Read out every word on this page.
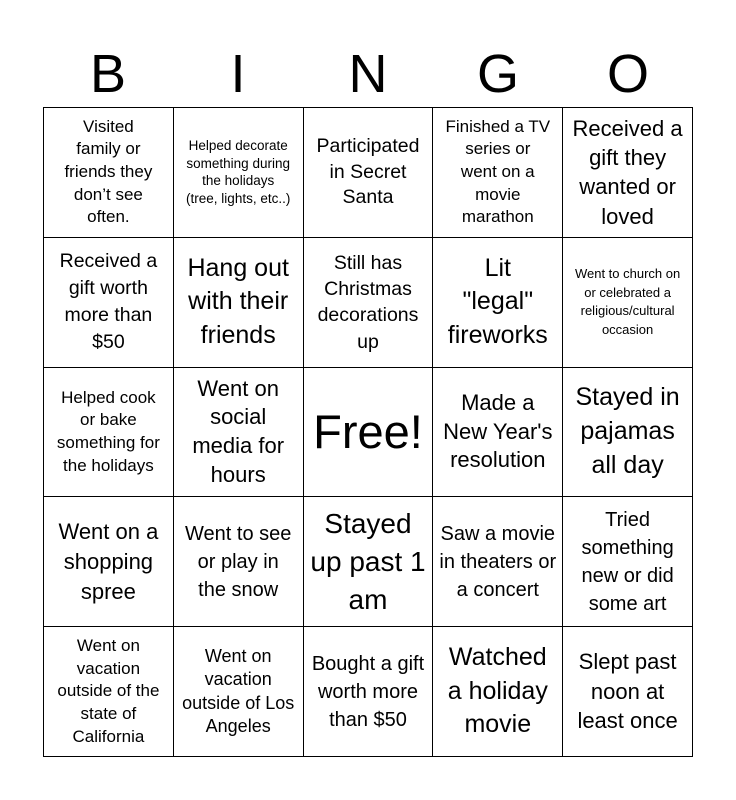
B	I	N	G	O
Visited family or friends they don’t see often.
Helped decorate something during the holidays (tree, lights, etc..)
Participated in Secret Santa
Finished a TV series or went on a movie marathon
Received a gift they wanted or loved
Received a gift worth more than $50
Hang out with their friends
Still has Christmas decorations up
Lit "legal" fireworks
Went to church on or celebrated a religious/cultural occasion
Helped cook or bake something for the holidays
Went on social media for hours
Free!
Made a New Year's resolution
Stayed in pajamas all day
Went on a shopping spree
Went to see or play in the snow
Stayed up past 1 am
Saw a movie in theaters or a concert
Tried something new or did some art
Went on vacation outside of the state of California
Went on vacation outside of Los Angeles
Bought a gift worth more than $50
Watched a holiday movie
Slept past noon at least once
